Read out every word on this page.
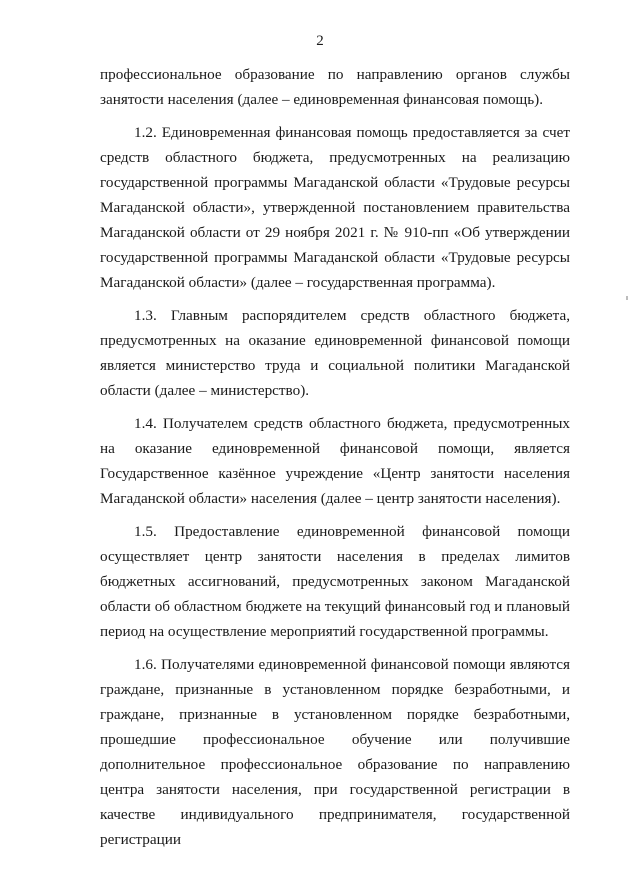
2

профессиональное образование по направлению органов службы занятости населения (далее – единовременная финансовая помощь).

1.2. Единовременная финансовая помощь предоставляется за счет средств областного бюджета, предусмотренных на реализацию государственной программы Магаданской области «Трудовые ресурсы Магаданской области», утвержденной постановлением правительства Магаданской области от 29 ноября 2021 г. № 910-пп «Об утверждении государственной программы Магаданской области «Трудовые ресурсы Магаданской области» (далее – государственная программа).

1.3. Главным распорядителем средств областного бюджета, предусмотренных на оказание единовременной финансовой помощи является министерство труда и социальной политики Магаданской области (далее – министерство).

1.4. Получателем средств областного бюджета, предусмотренных на оказание единовременной финансовой помощи, является Государственное казённое учреждение «Центр занятости населения Магаданской области» населения (далее – центр занятости населения).

1.5. Предоставление единовременной финансовой помощи осуществляет центр занятости населения в пределах лимитов бюджетных ассигнований, предусмотренных законом Магаданской области об областном бюджете на текущий финансовый год и плановый период на осуществление мероприятий государственной программы.

1.6. Получателями единовременной финансовой помощи являются граждане, признанные в установленном порядке безработными, и граждане, признанные в установленном порядке безработными, прошедшие профессиональное обучение или получившие дополнительное профессиональное образование по направлению центра занятости населения, при государственной регистрации в качестве индивидуального предпринимателя, государственной регистрации
